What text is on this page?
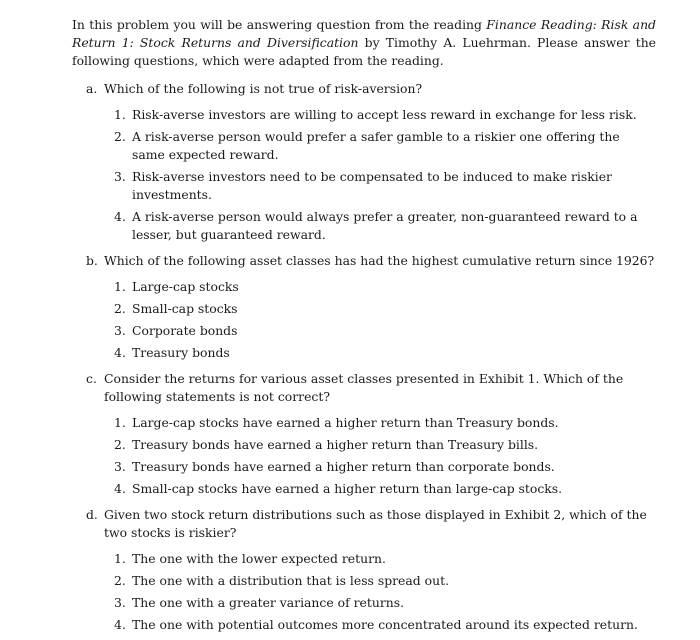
In this problem you will be answering question from the reading Finance Reading: Risk and Return 1: Stock Returns and Diversification by Timothy A. Luehrman. Please answer the following questions, which were adapted from the reading.

a. Which of the following is not true of risk-aversion?
1. Risk-averse investors are willing to accept less reward in exchange for less risk.
2. A risk-averse person would prefer a safer gamble to a riskier one offering the same expected reward.
3. Risk-averse investors need to be compensated to be induced to make riskier investments.
4. A risk-averse person would always prefer a greater, non-guaranteed reward to a lesser, but guaranteed reward.
b. Which of the following asset classes has had the highest cumulative return since 1926?
1. Large-cap stocks
2. Small-cap stocks
3. Corporate bonds
4. Treasury bonds
c. Consider the returns for various asset classes presented in Exhibit 1. Which of the following statements is not correct?
1. Large-cap stocks have earned a higher return than Treasury bonds.
2. Treasury bonds have earned a higher return than Treasury bills.
3. Treasury bonds have earned a higher return than corporate bonds.
4. Small-cap stocks have earned a higher return than large-cap stocks.
d. Given two stock return distributions such as those displayed in Exhibit 2, which of the two stocks is riskier?
1. The one with the lower expected return.
2. The one with a distribution that is less spread out.
3. The one with a greater variance of returns.
4. The one with potential outcomes more concentrated around its expected return.
